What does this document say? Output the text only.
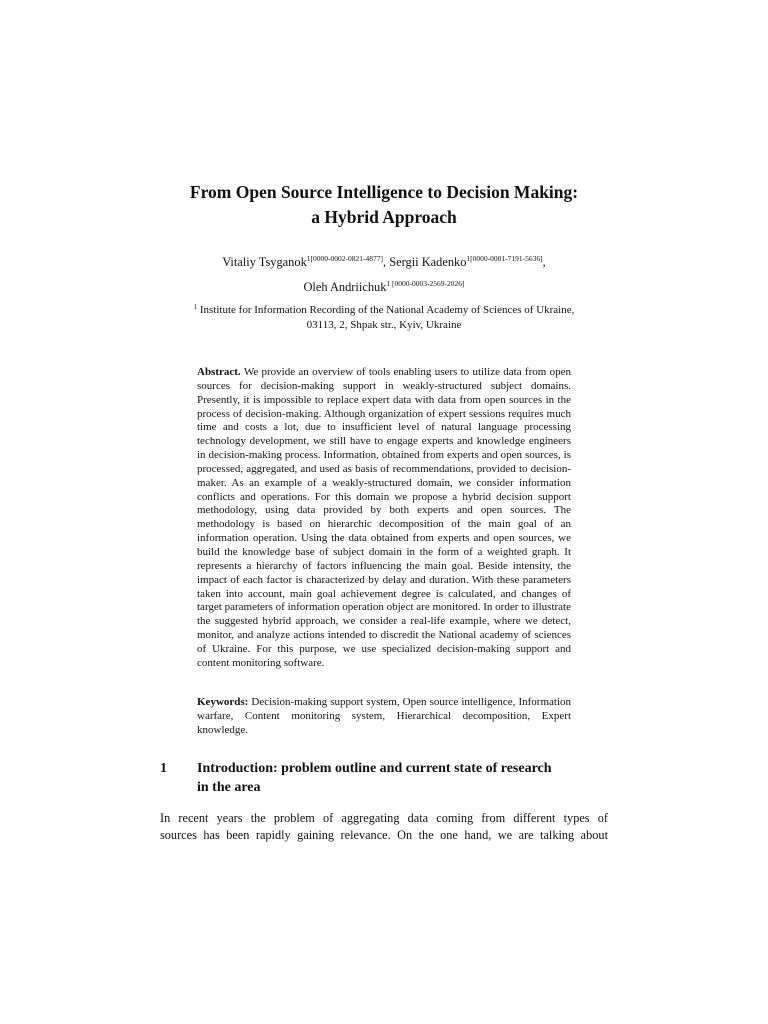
From Open Source Intelligence to Decision Making:
a Hybrid Approach
Vitaliy Tsyganok$^{1[0000-0002-0821-4877]}$, Sergii Kadenko$^{1[0000-0001-7191-5636]}$,
Oleh Andriichuk$^{1 [0000-0003-2569-2026]}$
$^1$ Institute for Information Recording of the National Academy of Sciences of Ukraine,
03113, 2, Shpak str., Kyiv, Ukraine
Abstract. We provide an overview of tools enabling users to utilize data from open sources for decision-making support in weakly-structured subject domains. Presently, it is impossible to replace expert data with data from open sources in the process of decision-making. Although organization of expert sessions requires much time and costs a lot, due to insufficient level of natural language processing technology development, we still have to engage experts and knowledge engineers in decision-making process. Information, obtained from experts and open sources, is processed, aggregated, and used as basis of recommendations, provided to decision-maker. As an example of a weakly-structured domain, we consider information conflicts and operations. For this domain we propose a hybrid decision support methodology, using data provided by both experts and open sources. The methodology is based on hierarchic decomposition of the main goal of an information operation. Using the data obtained from experts and open sources, we build the knowledge base of subject domain in the form of a weighted graph. It represents a hierarchy of factors influencing the main goal. Beside intensity, the impact of each factor is characterized by delay and duration. With these parameters taken into account, main goal achievement degree is calculated, and changes of target parameters of information operation object are monitored. In order to illustrate the suggested hybrid approach, we consider a real-life example, where we detect, monitor, and analyze actions intended to discredit the National academy of sciences of Ukraine. For this purpose, we use specialized decision-making support and content monitoring software.
Keywords: Decision-making support system, Open source intelligence, Information warfare, Content monitoring system, Hierarchical decomposition, Expert knowledge.
1 Introduction: problem outline and current state of research
in the area
In recent years the problem of aggregating data coming from different types of
sources has been rapidly gaining relevance. On the one hand, we are talking about
